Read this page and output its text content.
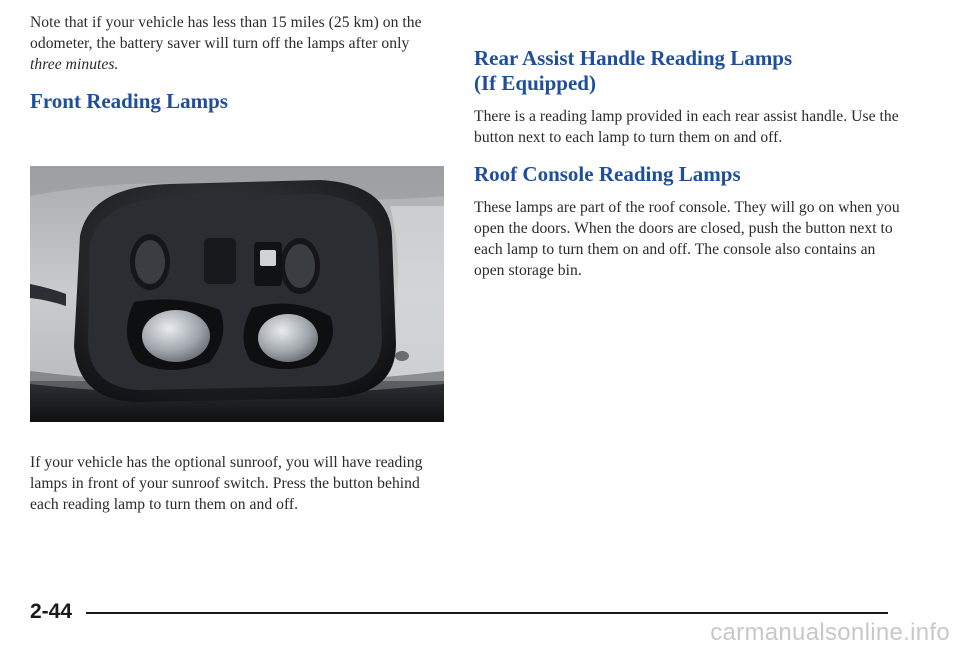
Note that if your vehicle has less than 15 miles (25 km) on the odometer, the battery saver will turn off the lamps after only three minutes.

Front Reading Lamps

If your vehicle has the optional sunroof, you will have reading lamps in front of your sunroof switch. Press the button behind each reading lamp to turn them on and off.

Rear Assist Handle Reading Lamps
(If Equipped)

There is a reading lamp provided in each rear assist handle. Use the button next to each lamp to turn them on and off.

Roof Console Reading Lamps

These lamps are part of the roof console. They will go on when you open the doors. When the doors are closed, push the button next to each lamp to turn them on and off. The console also contains an open storage bin.

2-44
carmanualsonline.info
